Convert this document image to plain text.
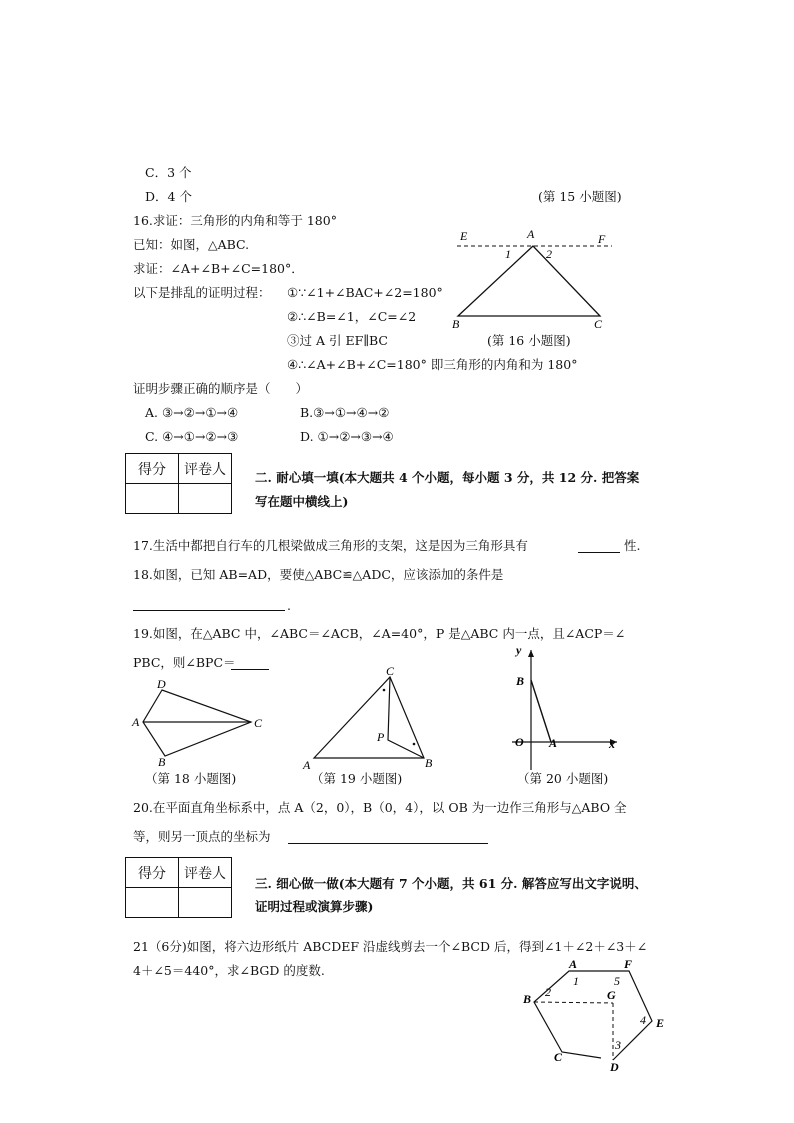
C．3 个
D．4 个	(第 15 小题图)
16.求证：三角形的内角和等于 180°
已知：如图，△ABC.
求证：∠A+∠B+∠C=180°．
以下是排乱的证明过程： ①∵∠1+∠BAC+∠2=180°
②∴∠B=∠1，∠C=∠2
③过 A 引 EF∥BC
④∴∠A+∠B+∠C=180° 即三角形的内角和为 180°
证明步骤正确的顺序是（　　）
A. ③→②→①→④	B.③→①→④→②
C. ④→①→②→③	D. ①→②→③→④
(第 16 小题图)
E	A	F
1	2
B	C
得分	评卷人
	二. 耐心填一填(本大题共 4 个小题，每小题 3 分，共 12 分. 把答案
写在题中横线上)
17.生活中都把自行车的几根梁做成三角形的支架，这是因为三角形具有	性.
18.如图，已知 AB=AD，要使△ABC≌△ADC，应该添加的条件是
.
19.如图，在△ABC 中，∠ABC＝∠ACB，∠A=40°，P 是△ABC 内一点，且∠ACP＝∠
PBC，则∠BPC＝
D
A	C
B
C
P
A	B
y
B
O A	x
（第 18 小题图)	（第 19 小题图)	（第 20 小题图)
20.在平面直角坐标系中，点 A（2，0），B（0，4），以 OB 为一边作三角形与△ABO 全
等，则另一顶点的坐标为
得分	评卷人

三. 细心做一做(本大题有 7 个小题，共 61 分. 解答应写出文字说明、
证明过程或演算步骤)
21（6分)如图，将六边形纸片 ABCDEF 沿虚线剪去一个∠BCD 后，得到∠1＋∠2＋∠3＋∠
4＋∠5＝440°，求∠BGD 的度数.	A	F
1	5
B 2	G
E
4
3
C
D
